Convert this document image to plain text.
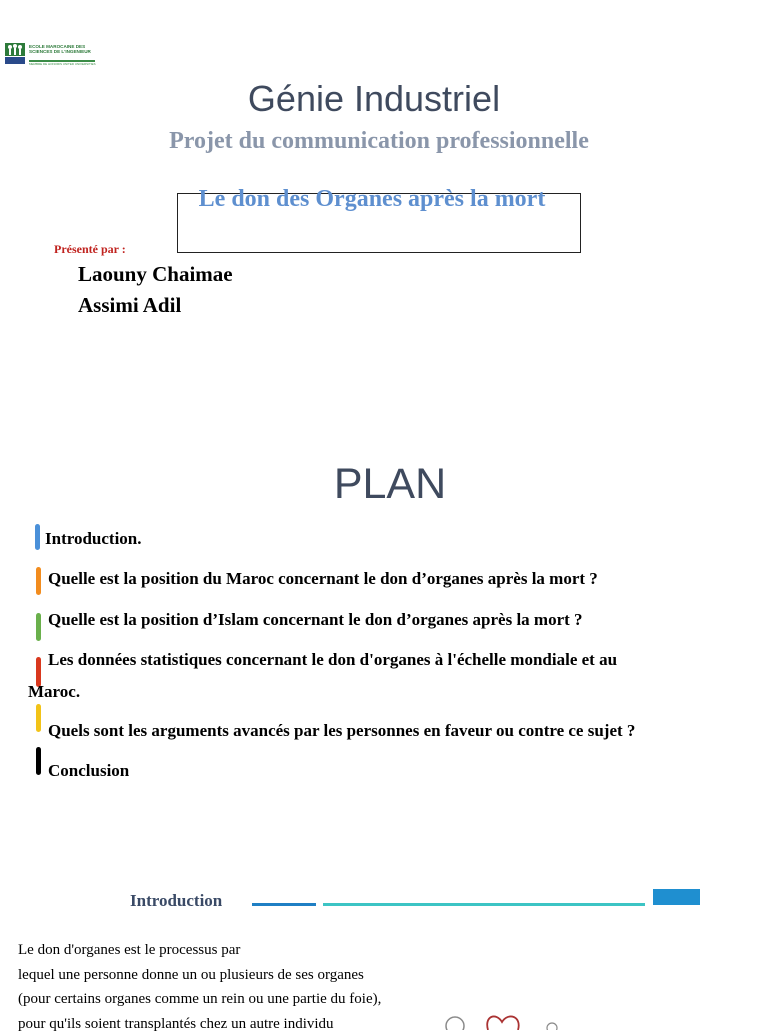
ECOLE MAROCAINE DES
SCIENCES DE L'INGENIEUR
MEMBRE DE HONORIS UNITED UNIVERSITIES
Génie Industriel
Projet du communication professionnelle
Le don des Organes après la mort
Présenté par :
Laouny Chaimae
Assimi Adil
PLAN
Introduction.
Quelle est la position du Maroc concernant le don d’organes après la mort ?
Quelle est la position d’Islam concernant le don d’organes après la mort ?
Les données statistiques concernant le don d'organes à l'échelle mondiale et au
Maroc.
Quels sont les arguments avancés par les personnes en faveur ou contre ce sujet ?
Conclusion
Introduction
Le don d'organes est le processus par
lequel une personne donne un ou plusieurs de ses organes
(pour certains organes comme un rein ou une partie du foie),
pour qu'ils soient transplantés chez un autre individu
